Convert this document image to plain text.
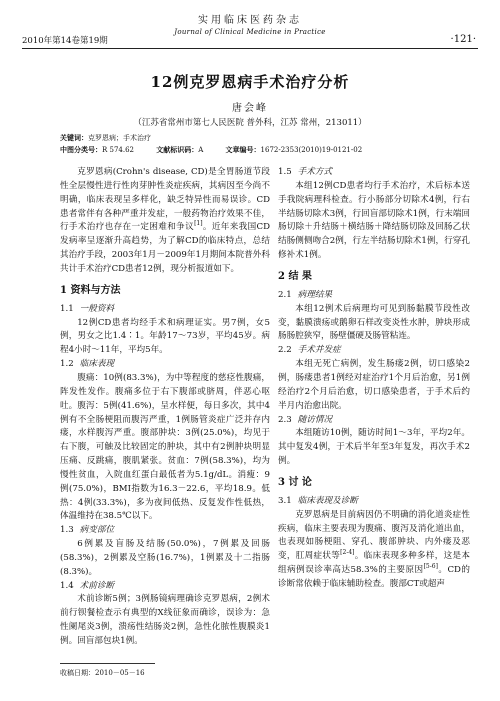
2010年第14卷第19期
实用临床医药杂志
Journal of Clinical Medicine in Practice
·121·
12例克罗恩病手术治疗分析
唐会峰
（江苏省常州市第七人民医院 普外科，江苏 常州，213011）
关键词：克罗恩病；手术治疗
中图分类号：R 574.62	文献标识码：A	文章编号：1672-2353(2010)19-0121-02

克罗恩病(Crohn's disease, CD)是全胃肠道节段性全层慢性进行性肉芽肿性炎症疾病，其病因至今尚不明确，临床表现呈多样化，缺乏特异性而易误诊。CD患者常伴有各种严重并发症，一般药物治疗效果不佳，行手术治疗也存在一定困难和争议[1]。近年来我国CD发病率呈逐渐升高趋势，为了解CD的临床特点，总结其治疗手段，2003年1月－2009年1月期间本院普外科共计手术治疗CD患者12例，现分析报道如下。

1 资料与方法
1.1 一般资料

12例CD患者均经手术和病理证实。男7例，女5例，男女之比1.4∶1。年龄17～73岁，平均45岁。病程4小时～11年，平均5年。

1.2 临床表现

腹痛：10例(83.3%)，为中等程度的慈痉性腹痛，阵发性发作。腹痛多位于右下腹部或脐周，伴恶心呕吐。腹泻：5例(41.6%)，呈水样便，每日多次，其中4例有不全肠梗阻而腹泻严重，1例肠管炎症广泛并存内瘘，水样腹泻严重。腹部肿块：3例(25.0%)，均见于右下腹，可触及比较固定的肿块，其中有2例肿块明显压痛、反跳痛，腹肌紧张。贫血：7例(58.3%)，均为慢性贫血，入院血红蛋白最低者为5.1g/dL。消瘦：9例(75.0%)，BMI指数为16.3－22.6，平均18.9。低热：4例(33.3%)，多为夜间低热、反复发作性低热，体温维持在38.5℃以下。

1.3 病变部位

6例累及盲肠及结肠(50.0%)，7例累及回肠(58.3%)，2例累及空肠(16.7%)，1例累及十二指肠(8.3%)。

1.4 术前诊断

术前诊断5例；3例肠镜病理确诊克罗恩病，2例术前行钡餐检查示有典型的X线征象而确诊，误诊为：急性阑尾炎3例，溃疡性结肠炎2例，急性化脓性腹膜炎1例。回盲部包块1例。

1.5 手术方式

本组12例CD患者均行手术治疗，术后标本送手我院病理科检查。行小肠部分切除术4例，行右半结肠切除术3例，行回盲部切除术1例，行末端回肠切除＋升结肠＋横结肠＋降结肠切除及回肠乙状结肠侧侧吻合2例，行左半结肠切除术1例，行穿孔修补术1例。

2 结 果
2.1 病理结果

本组12例术后病理均可见到肠黏膜节段性改变，黏膜溃疡或鹅卵石样改变炎性水肿，肿块形成肠肠腔狭窄，肠壁僵硬及肠管粘连。

2.2 手术并发症

本组无死亡病例，发生肠瘘2例，切口感染2例，肠瘘患者1例经对症治疗1个月后治愈，另1例经治疗2个月后治愈，切口感染患者，于手术后约半月内治愈出院。

2.3 随访情况

本组随访10例，随访时间1～3年，平均2年。其中复发4例，于术后半年至3年复发，再次手术2例。

3 讨 论
3.1 临床表现及诊断

克罗恩病是目前病因仍不明确的消化道炎症性疾病，临床主要表现为腹痛、腹泻及消化道出血，也表现如肠梗阻、穿孔、腹部肿块、内外瘘及恶变，肛周症状等[2-4]。临床表现多种多样，这是本组病例误诊率高达58.3%的主要原因[5-6]。CD的诊断常依赖于临床辅助检查。腹部CT或超声

收稿日期：2010－05－16
